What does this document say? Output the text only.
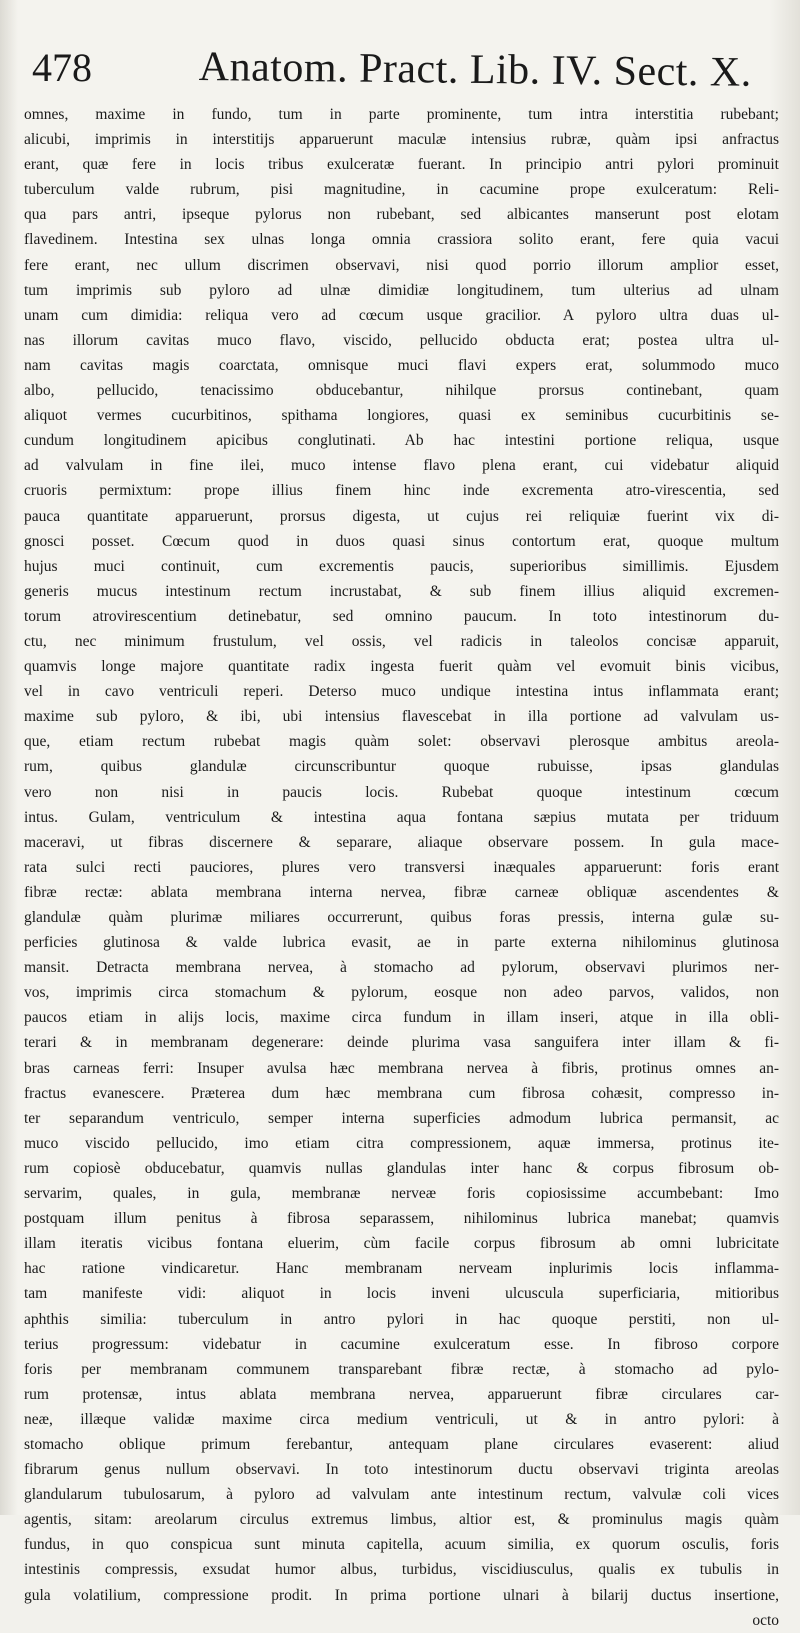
478	Anatom. Pract. Lib. IV. Sect. X.
omnes, maxime in fundo, tum in parte prominente, tum intra interstitia rubebant;
alicubi, imprimis in interstitijs apparuerunt maculæ intensius rubræ, quàm ipsi anfractus
erant, quæ fere in locis tribus exulceratæ fuerant. In principio antri pylori prominuit
tuberculum valde rubrum, pisi magnitudine, in cacumine prope exulceratum: Reli-
qua pars antri, ipseque pylorus non rubebant, sed albicantes manserunt post elotam
flavedinem. Intestina sex ulnas longa omnia crassiora solito erant, fere quia vacui
fere erant, nec ullum discrimen observavi, nisi quod porrio illorum amplior esset,
tum imprimis sub pyloro ad ulnæ dimidiæ longitudinem, tum ulterius ad ulnam
unam cum dimidia: reliqua vero ad cœcum usque gracilior. A pyloro ultra duas ul-
nas illorum cavitas muco flavo, viscido, pellucido obducta erat; postea ultra ul-
nam cavitas magis coarctata, omnisque muci flavi expers erat, solummodo muco
albo, pellucido, tenacissimo obducebantur, nihilque prorsus continebant, quam
aliquot vermes cucurbitinos, spithama longiores, quasi ex seminibus cucurbitinis se-
cundum longitudinem apicibus conglutinati. Ab hac intestini portione reliqua, usque
ad valvulam in fine ilei, muco intense flavo plena erant, cui videbatur aliquid
cruoris permixtum: prope illius finem hinc inde excrementa atro-virescentia, sed
pauca quantitate apparuerunt, prorsus digesta, ut cujus rei reliquiæ fuerint vix di-
gnosci posset. Cœcum quod in duos quasi sinus contortum erat, quoque multum
hujus muci continuit, cum excrementis paucis, superioribus simillimis. Ejusdem
generis mucus intestinum rectum incrustabat, & sub finem illius aliquid excremen-
torum atrovirescentium detinebatur, sed omnino paucum. In toto intestinorum du-
ctu, nec minimum frustulum, vel ossis, vel radicis in taleolos concisæ apparuit,
quamvis longe majore quantitate radix ingesta fuerit quàm vel evomuit binis vicibus,
vel in cavo ventriculi reperi. Deterso muco undique intestina intus inflammata erant;
maxime sub pyloro, & ibi, ubi intensius flavescebat in illa portione ad valvulam us-
que, etiam rectum rubebat magis quàm solet: observavi plerosque ambitus areola-
rum, quibus glandulæ circunscribuntur quoque rubuisse, ipsas glandulas
vero non nisi in paucis locis. Rubebat quoque intestinum cœcum
intus. Gulam, ventriculum & intestina aqua fontana sæpius mutata per triduum
maceravi, ut fibras discernere & separare, aliaque observare possem. In gula mace-
rata sulci recti pauciores, plures vero transversi inæquales apparuerunt: foris erant
fibræ rectæ: ablata membrana interna nervea, fibræ carneæ obliquæ ascendentes &
glandulæ quàm plurimæ miliares occurrerunt, quibus foras pressis, interna gulæ su-
perficies glutinosa & valde lubrica evasit, ae in parte externa nihilominus glutinosa
mansit. Detracta membrana nervea, à stomacho ad pylorum, observavi plurimos ner-
vos, imprimis circa stomachum & pylorum, eosque non adeo parvos, validos, non
paucos etiam in alijs locis, maxime circa fundum in illam inseri, atque in illa obli-
terari & in membranam degenerare: deinde plurima vasa sanguifera inter illam & fi-
bras carneas ferri: Insuper avulsa hæc membrana nervea à fibris, protinus omnes an-
fractus evanescere. Præterea dum hæc membrana cum fibrosa cohæsit, compresso in-
ter separandum ventriculo, semper interna superficies admodum lubrica permansit, ac
muco viscido pellucido, imo etiam citra compressionem, aquæ immersa, protinus ite-
rum copiosè obducebatur, quamvis nullas glandulas inter hanc & corpus fibrosum ob-
servarim, quales, in gula, membranæ nerveæ foris copiosissime accumbebant: Imo
postquam illum penitus à fibrosa separassem, nihilominus lubrica manebat; quamvis
illam iteratis vicibus fontana eluerim, cùm facile corpus fibrosum ab omni lubricitate
hac ratione vindicaretur. Hanc membranam nerveam inplurimis locis inflamma-
tam manifeste vidi: aliquot in locis inveni ulcuscula superficiaria, mitioribus
aphthis similia: tuberculum in antro pylori in hac quoque perstiti, non ul-
terius progressum: videbatur in cacumine exulceratum esse. In fibroso corpore
foris per membranam communem transparebant fibræ rectæ, à stomacho ad pylo-
rum protensæ, intus ablata membrana nervea, apparuerunt fibræ circulares car-
neæ, illæque validæ maxime circa medium ventriculi, ut & in antro pylori: à
stomacho oblique primum ferebantur, antequam plane circulares evaserent: aliud
fibrarum genus nullum observavi. In toto intestinorum ductu observavi triginta areolas
glandularum tubulosarum, à pyloro ad valvulam ante intestinum rectum, valvulæ coli vices
agentis, sitam: areolarum circulus extremus limbus, altior est, & prominulus magis quàm
fundus, in quo conspicua sunt minuta capitella, acuum similia, ex quorum osculis, foris
intestinis compressis, exsudat humor albus, turbidus, viscidiusculus, qualis ex tubulis in
gula volatilium, compressione prodit. In prima portione ulnari à bilarij ductus insertione,
octo
